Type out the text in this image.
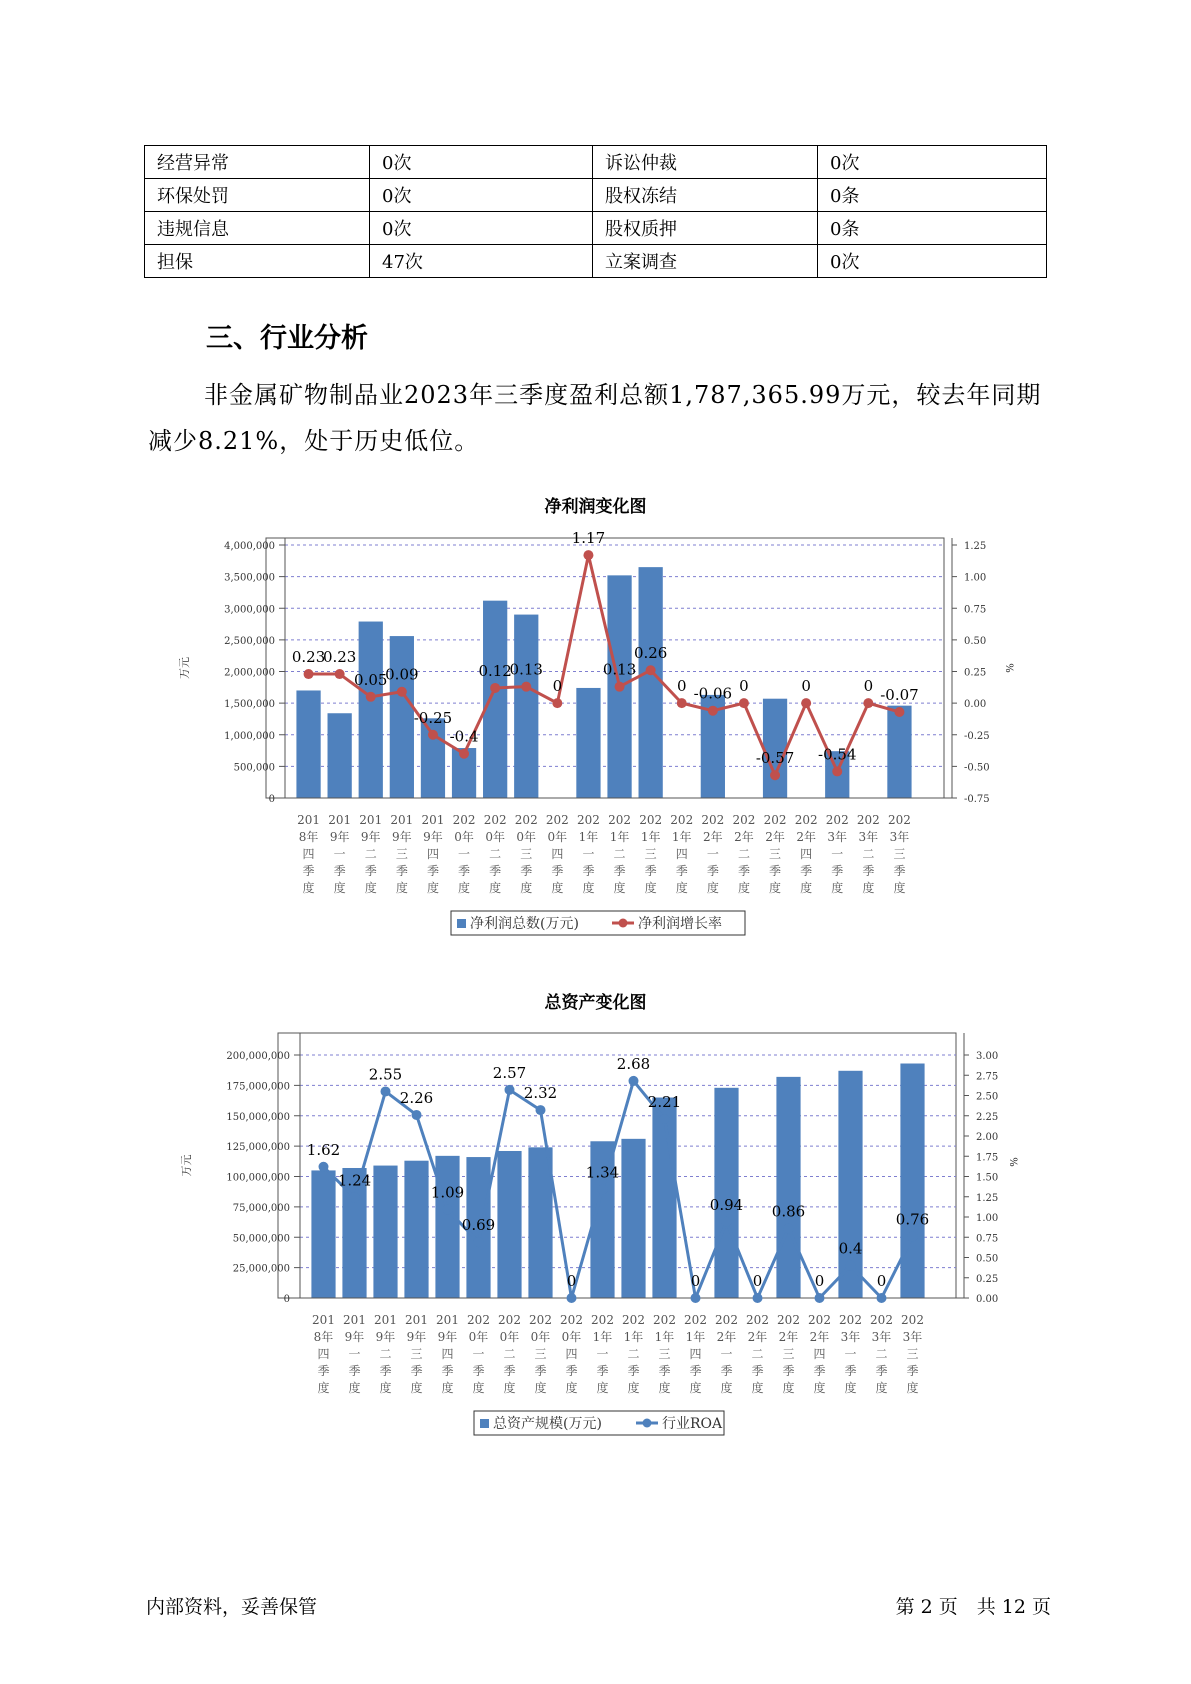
经营异常	0次	诉讼仲裁	0次
环保处罚	0次	股权冻结	0条
违规信息	0次	股权质押	0条
担保	47次	立案调查	0次
三、行业分析

非金属矿物制品业2023年三季度盈利总额1,787,365.99万元，较去年同期减少8.21%，处于历史低位。

净利润变化图
0
500,000
1,000,000
1,500,000
2,000,000
2,500,000
3,000,000
3,500,000
4,000,000
-0.75
-0.50
-0.25
0.00
0.25
0.50
0.75
1.00
1.25
万元	%
201 8年四季度
201 9年一季度
201 9年二季度
201 9年三季度
201 9年四季度
202 0年一季度
202 0年二季度
202 0年三季度
202 0年四季度
202 1年一季度
202 1年二季度
202 1年三季度
202 1年四季度
202 2年一季度
202 2年二季度
202 2年三季度
202 2年四季度
202 3年一季度
202 3年二季度
202 3年三季度
0.23
0.23
0.05
0.09
-0.25
-0.4
0.12
0.13
0
1.17
0.13
0.26
0 -0.06 0
-0.57
0
-0.54
0 -0.07
净利润总数(万元)	净利润增长率
总资产变化图
0
25,000,000
50,000,000
75,000,000
100,000,000
125,000,000
150,000,000
175,000,000
200,000,000
0.00
0.25
0.50
0.75
1.00
1.25
1.50
1.75
2.00
2.25
2.50
2.75
3.00
万元	%
201 8年四季度
201 9年一季度
201 9年二季度
201 9年三季度
201 9年四季度
202 0年一季度
202 0年二季度
202 0年三季度
202 0年四季度
202 1年一季度
202 1年二季度
202 1年三季度
202 1年四季度
202 2年一季度
202 2年二季度
202 2年三季度
202 2年四季度
202 3年一季度
202 3年二季度
202 3年三季度
1.62
1.24
2.55
2.26
1.09
0.69
2.57
2.32
0
1.34
2.68
2.21
0
0.94
0
0.86
0
0.4
0
0.76
总资产规模(万元)	行业ROA
内部资料，妥善保管	第 2 页　共 12 页
